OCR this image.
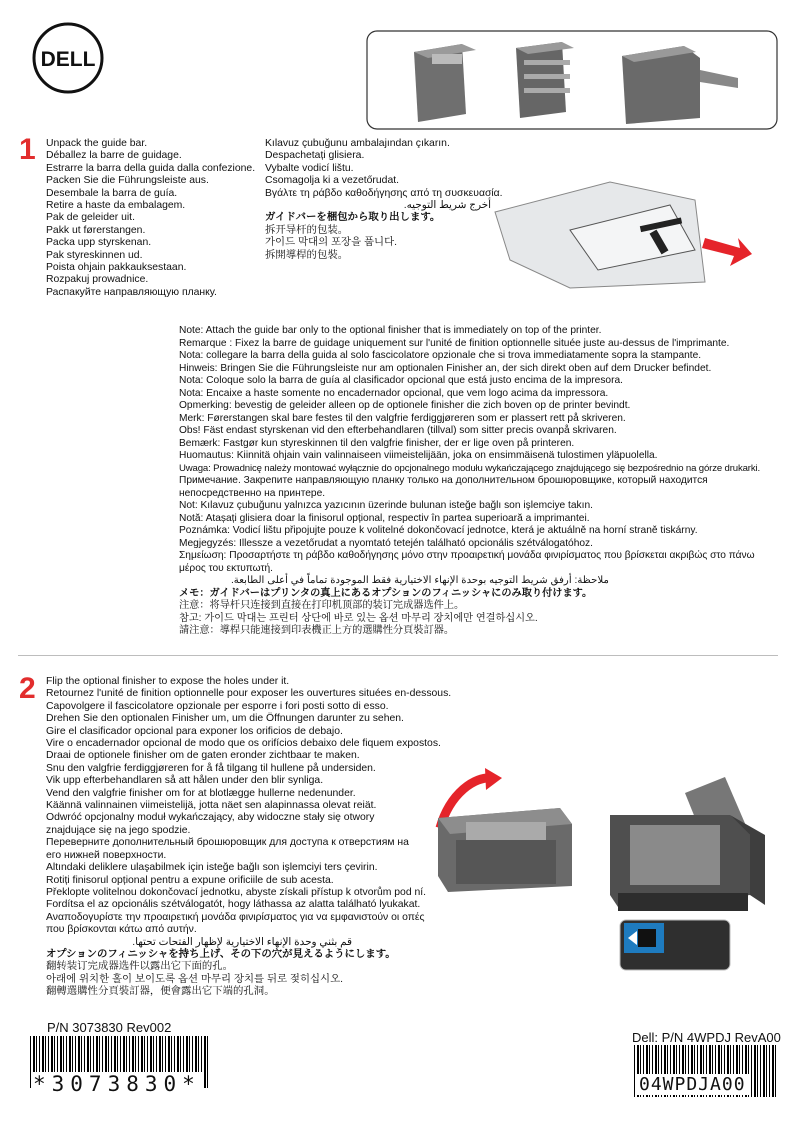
DELL
1 Unpack the guide bar.
Déballez la barre de guidage.
Estrarre la barra della guida dalla confezione.
Packen Sie die Führungsleiste aus.
Desembale la barra de guía.
Retire a haste da embalagem.
Pak de geleider uit.
Pakk ut førerstangen.
Packa upp styrskenan.
Pak styreskinnen ud.
Poista ohjain pakkauksestaan.
Rozpakuj prowadnice.
Распакуйте направляющую планку.
Kılavuz çubuğunu ambalajından çıkarın.
Despachetați glisiera.
Vybalte vodicí lištu.
Csomagolja ki a vezetőrudat.
Βγάλτε τη ράβδο καθοδήγησης από τη συσκευασία.
أخرج شريط التوجيه.
ガイドバーを梱包から取り出します。
拆开导杆的包装。
가이드 막대의 포장을 풉니다.
拆開導桿的包裝。
Note: Attach the guide bar only to the optional finisher that is immediately on top of the printer.
Remarque : Fixez la barre de guidage uniquement sur l'unité de finition optionnelle située juste au-dessus de l'imprimante.
Nota: collegare la barra della guida al solo fascicolatore opzionale che si trova immediatamente sopra la stampante.
Hinweis: Bringen Sie die Führungsleiste nur am optionalen Finisher an, der sich direkt oben auf dem Drucker befindet.
Nota: Coloque solo la barra de guía al clasificador opcional que está justo encima de la impresora.
Nota: Encaixe a haste somente no encadernador opcional, que vem logo acima da impressora.
Opmerking: bevestig de geleider alleen op de optionele finisher die zich boven op de printer bevindt.
Merk: Førerstangen skal bare festes til den valgfrie ferdiggjøreren som er plassert rett på skriveren.
Obs! Fäst endast styrskenan vid den efterbehandlaren (tillval) som sitter precis ovanpå skrivaren.
Bemærk: Fastgør kun styreskinnen til den valgfrie finisher, der er lige oven på printeren.
Huomautus: Kiinnitä ohjain vain valinnaiseen viimeistelijään, joka on ensimmäisenä tulostimen yläpuolella.
Uwaga: Prowadnicę należy montować wyłącznie do opcjonalnego modułu wykańczającego znajdującego się bezpośrednio na górze drukarki.
Примечание. Закрепите направляющую планку только на дополнительном брошюровщике, который находится непосредственно на принтере.
Not: Kılavuz çubuğunu yalnızca yazıcının üzerinde bulunan isteğe bağlı son işlemciye takın.
Notă: Atașați glisiera doar la finisorul opțional, respectiv în partea superioară a imprimantei.
Poznámka: Vodicí lištu připojujte pouze k volitelné dokončovací jednotce, která je aktuálně na horní straně tiskárny.
Megjegyzés: Illessze a vezetőrudat a nyomtató tetején található opcionális szétválogatóhoz.
Σημείωση: Προσαρτήστε τη ράβδο καθοδήγησης μόνο στην προαιρετική μονάδα φινιρίσματος που βρίσκεται ακριβώς στο πάνω μέρος του εκτυπωτή.
ملاحظة: أرفق شريط التوجيه بوحدة الإنهاء الاختيارية فقط الموجودة تماماً في أعلى الطابعة.
メモ：ガイドバーはプリンタの真上にあるオプションのフィニッシャにのみ取り付けます。
注意：将导杆只连接到直接在打印机顶部的装订完成器选件上。
참고: 가이드 막대는 프린터 상단에 바로 있는 옵션 마무리 장치에만 연결하십시오.
請注意：導桿只能連接到印表機正上方的選購性分頁裝訂器。
2 Flip the optional finisher to expose the holes under it.
Retournez l'unité de finition optionnelle pour exposer les ouvertures situées en-dessous.
Capovolgere il fascicolatore opzionale per esporre i fori posti sotto di esso.
Drehen Sie den optionalen Finisher um, um die Öffnungen darunter zu sehen.
Gire el clasificador opcional para exponer los orificios de debajo.
Vire o encadernador opcional de modo que os orifícios debaixo dele fiquem expostos.
Draai de optionele finisher om de gaten eronder zichtbaar te maken.
Snu den valgfrie ferdiggjøreren for å få tilgang til hullene på undersiden.
Vik upp efterbehandlaren så att hålen under den blir synliga.
Vend den valgfrie finisher om for at blotlægge hullerne nedenunder.
Käännä valinnainen viimeistelijä, jotta näet sen alapinnassa olevat reiät.
Odwróć opcjonalny moduł wykańczający, aby widoczne stały się otwory
znajdujące się na jego spodzie.
Переверните дополнительный брошюровщик для доступа к отверстиям на
его нижней поверхности.
Altındaki deliklere ulaşabilmek için isteğe bağlı son işlemciyi ters çevirin.
Rotiți finisorul opțional pentru a expune orificiile de sub acesta.
Překlopte volitelnou dokončovací jednotku, abyste získali přístup k otvorům pod ní.
Fordítsa el az opcionális szétválogatót, hogy láthassa az alatta található lyukakat.
Αναποδογυρίστε την προαιρετική μονάδα φινιρίσματος για να εμφανιστούν οι οπές
που βρίσκονται κάτω από αυτήν.
قم بثني وحدة الإنهاء الاختيارية لإظهار الفتحات تحتها.
オプションのフィニッシャを持ち上げ、その下の穴が見えるようにします。
翻转装订完成器选件以露出它下面的孔。
아래에 위치한 홀이 보이도록 옵션 마무리 장치를 뒤로 젖히십시오.
翻轉選購性分頁裝訂器，便會露出它下端的孔洞。
P/N 3073830 Rev002
*3073830*
Dell: P/N 4WPDJ RevA00
04WPDJA00
